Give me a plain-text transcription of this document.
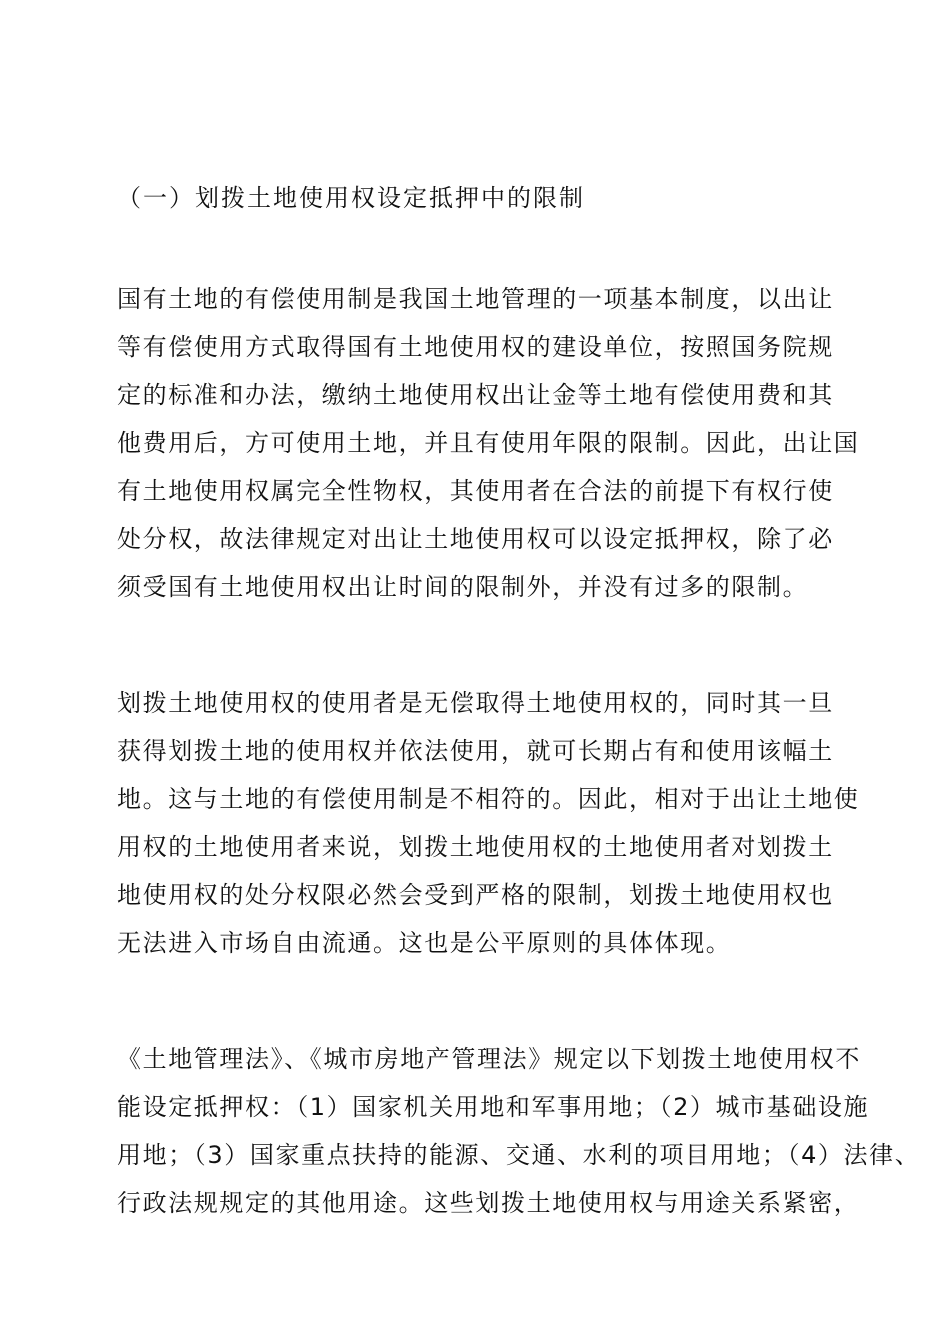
（一）划拨土地使用权设定抵押中的限制
国有土地的有偿使用制是我国土地管理的一项基本制度，以出让
等有偿使用方式取得国有土地使用权的建设单位，按照国务院规
定的标准和办法，缴纳土地使用权出让金等土地有偿使用费和其
他费用后，方可使用土地，并且有使用年限的限制。因此，出让国
有土地使用权属完全性物权，其使用者在合法的前提下有权行使
处分权，故法律规定对出让土地使用权可以设定抵押权，除了必
须受国有土地使用权出让时间的限制外，并没有过多的限制。
划拨土地使用权的使用者是无偿取得土地使用权的，同时其一旦
获得划拨土地的使用权并依法使用，就可长期占有和使用该幅土
地。这与土地的有偿使用制是不相符的。因此，相对于出让土地使
用权的土地使用者来说，划拨土地使用权的土地使用者对划拨土
地使用权的处分权限必然会受到严格的限制，划拨土地使用权也
无法进入市场自由流通。这也是公平原则的具体体现。
《土地管理法》、《城市房地产管理法》规定以下划拨土地使用权不
能设定抵押权：（1）国家机关用地和军事用地；（2）城市基础设施
用地；（3）国家重点扶持的能源、交通、水利的项目用地；（4）法律、
行政法规规定的其他用途。这些划拨土地使用权与用途关系紧密，
